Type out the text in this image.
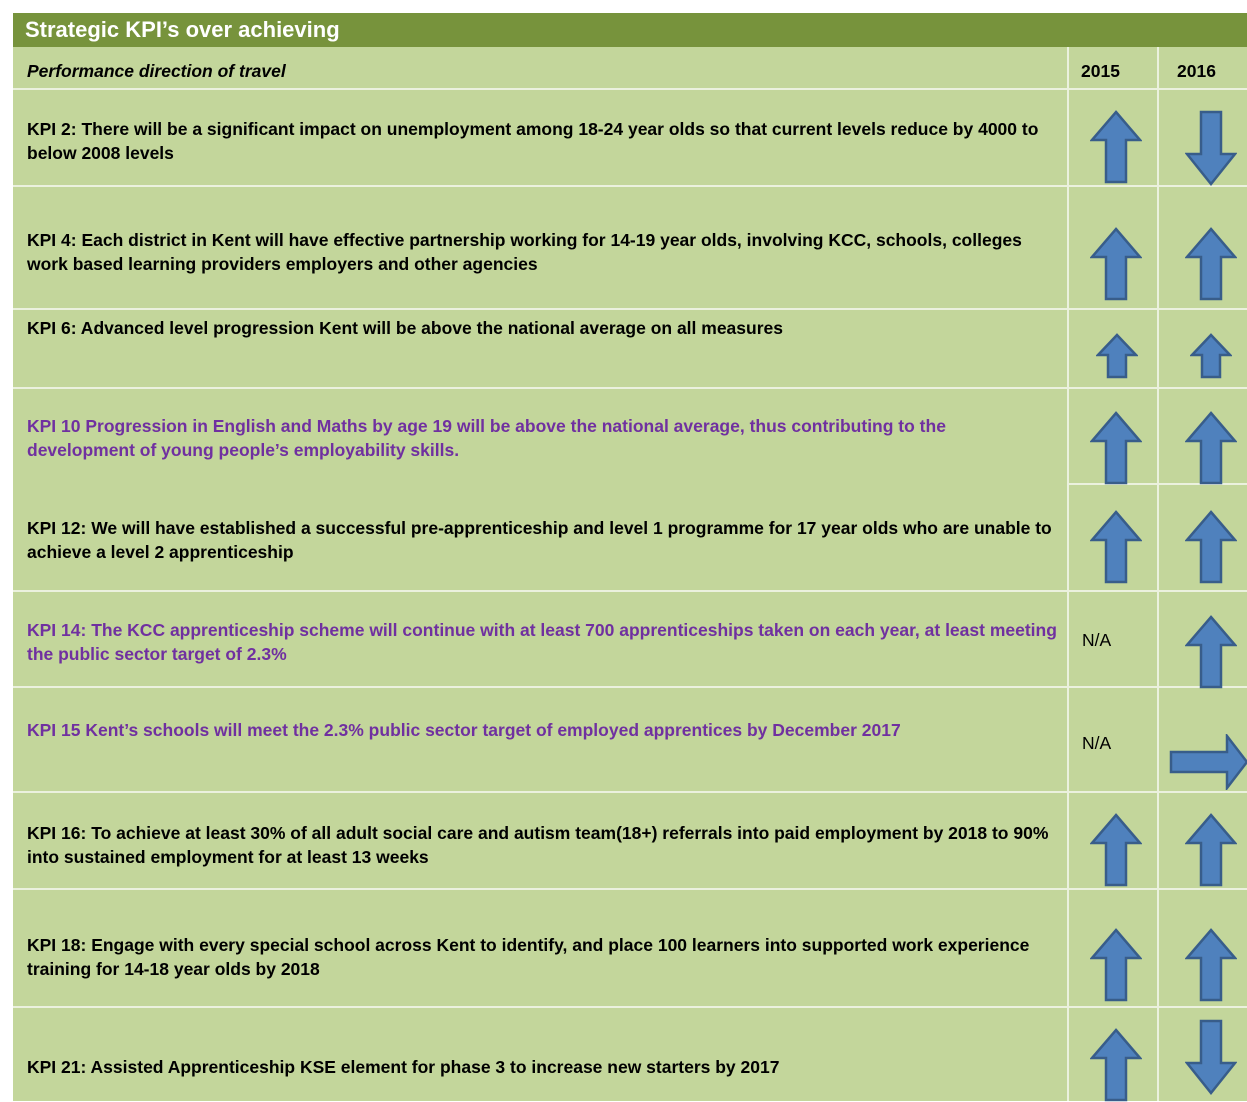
Strategic KPI’s over achieving
Performance direction of travel	2015	2016
KPI 2: There will be a significant impact on unemployment among 18-24 year olds so that current levels reduce by 4000 to below 2008 levels
KPI 4: Each district in Kent will have effective partnership working for 14-19 year olds, involving KCC, schools, colleges work based learning providers employers and other agencies
KPI 6: Advanced level progression Kent will be above the national average on all measures
KPI 10 Progression in English and Maths by age 19 will be above the national average, thus contributing to the development of young people’s employability skills.
KPI 12: We will have established a successful pre-apprenticeship and level 1 programme for 17 year olds who are unable to achieve a level 2 apprenticeship
KPI 14: The KCC apprenticeship scheme will continue with at least 700 apprenticeships taken on each year, at least meeting the public sector target of 2.3%
KPI 15 Kent’s schools will meet the 2.3% public sector target of employed apprentices by December 2017
KPI 16: To achieve at least 30% of all adult social care and autism team(18+) referrals into paid employment by 2018 to 90% into sustained employment for at least 13 weeks
KPI 18: Engage with every special school across Kent to identify, and place 100 learners into supported work experience training for 14-18 year olds by 2018
KPI 21: Assisted Apprenticeship KSE element for phase 3 to increase new starters by 2017
N/A
N/A
